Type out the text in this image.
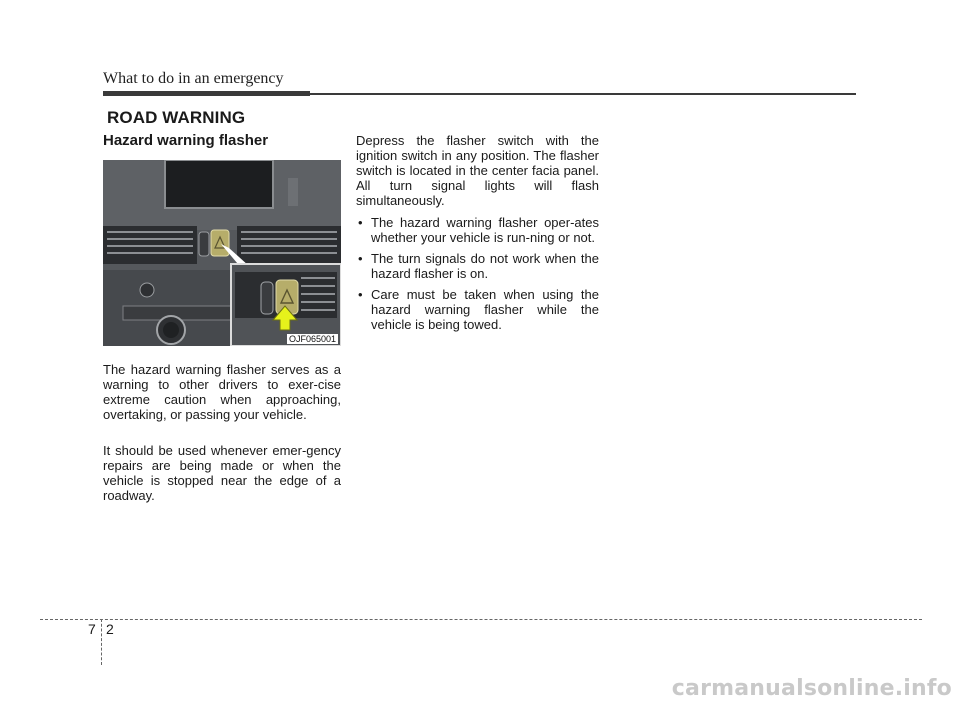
What to do in an emergency
ROAD WARNING
Hazard warning flasher
OJF065001

The hazard warning flasher serves as a warning to other drivers to exer-cise extreme caution when approaching, overtaking, or passing your vehicle.

It should be used whenever emer-gency repairs are being made or when the vehicle is stopped near the edge of a roadway.

Depress the flasher switch with the ignition switch in any position. The flasher switch is located in the center facia panel. All turn signal lights will flash simultaneously.

• The hazard warning flasher oper-ates whether your vehicle is run-ning or not.
• The turn signals do not work when the hazard flasher is on.
• Care must be taken when using the hazard warning flasher while the vehicle is being towed.
7 2
carmanualsonline.info
